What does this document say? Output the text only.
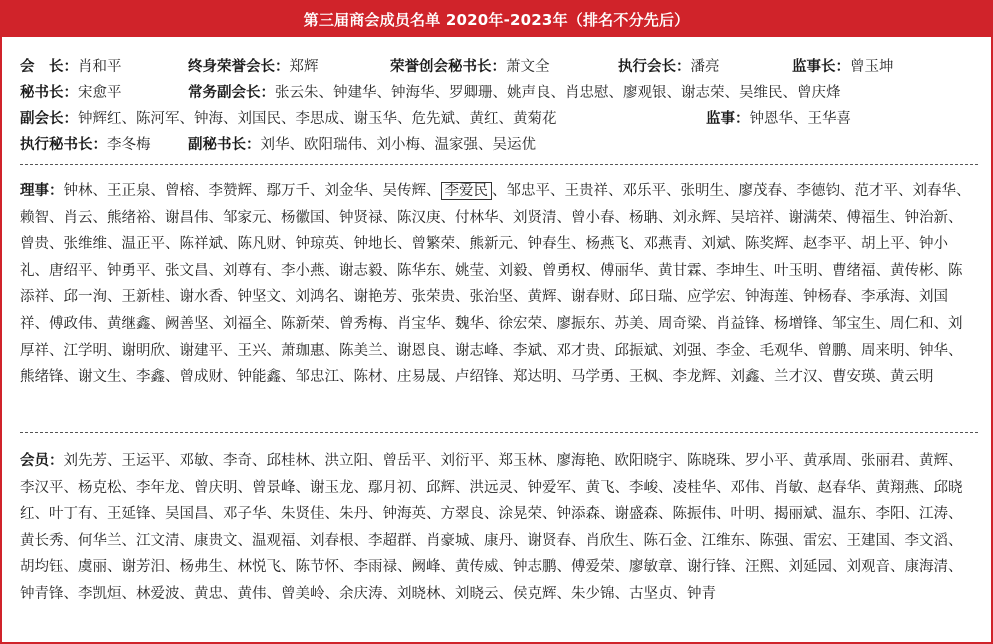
第三届商会成员名单 2020年-2023年（排名不分先后）
会　长：肖和平	终身荣誉会长：郑辉	荣誉创会秘书长：萧文全	执行会长：潘亮	监事长：曾玉坤
秘书长：宋愈平	常务副会长：张云朱、钟建华、钟海华、罗卿珊、姚声良、肖忠慰、廖观银、谢志荣、吴维民、曾庆烽
副会长：钟辉红、陈河军、钟海、刘国民、李思成、谢玉华、危先斌、黄红、黄菊花	监事：钟恩华、王华喜
执行秘书长：李冬梅	副秘书长：刘华、欧阳瑞伟、刘小梅、温家强、吴运优
理事：钟林、王正泉、曾榕、李赞辉、鄢万千、刘金华、吴传辉、 李爱民 、邹忠平、王贵祥、邓乐平、张明生、廖茂春、李德钧、范才平、刘春华、赖智、肖云、熊绪裕、谢昌伟、邹家元、杨徽国、钟贤禄、陈汉庚、付林华、刘贤清、曾小春、杨聃、刘永辉、吴培祥、谢满荣、傅福生、钟治新、曾贵、张维维、温正平、陈祥斌、陈凡财、钟琼英、钟地长、曾繁荣、熊新元、钟春生、杨燕飞、邓燕青、刘斌、陈奖辉、赵李平、胡上平、钟小礼、唐绍平、钟勇平、张文昌、刘尊有、李小燕、谢志毅、陈华东、姚莹、刘毅、曾勇权、傅丽华、黄甘霖、李坤生、叶玉明、曹绪福、黄传彬、陈添祥、邱一洵、王新桂、谢水香、钟坚文、刘鸿名、谢艳芳、张荣贵、张治坚、黄辉、谢春财、邱日瑞、应学宏、钟海莲、钟杨春、李承海、刘国祥、傅政伟、黄继鑫、阙善坚、刘福全、陈新荣、曾秀梅、肖宝华、魏华、徐宏荣、廖振东、苏美、周奇梁、肖益锋、杨增锋、邹宝生、周仁和、刘厚祥、江学明、谢明欣、谢建平、王兴、萧珈惠、陈美兰、谢恩良、谢志峰、李斌、邓才贵、邱振斌、刘强、李金、毛观华、曾鹏、周来明、钟华、熊绪锋、谢文生、李鑫、曾成财、钟能鑫、邹忠江、陈材、庄易晟、卢绍锋、郑达明、马学勇、王枫、李龙辉、刘鑫、兰才汉、曹安瑛、黄云明
会员：刘先芳、王运平、邓敏、李奇、邱桂林、洪立阳、曾岳平、刘衍平、郑玉林、廖海艳、欧阳晓宇、陈晓珠、罗小平、黄承周、张丽君、黄辉、李汉平、杨克松、李年龙、曾庆明、曾景峰、谢玉龙、鄢月初、邱辉、洪远灵、钟爱军、黄飞、李峻、凌桂华、邓伟、肖敏、赵春华、黄翔燕、邱晓红、叶丁有、王延锋、吴国昌、邓子华、朱贤佳、朱丹、钟海英、方翠良、涂晃荣、钟添森、谢盛森、陈振伟、叶明、揭丽斌、温东、李阳、江涛、黄长秀、何华兰、江文清、康贵文、温观福、刘春根、李超群、肖豪城、康丹、谢贤春、肖欣生、陈石金、江维东、陈强、雷宏、王建国、李文滔、胡均钰、虞丽、谢芳汨、杨弗生、林悦飞、陈节怀、李雨禄、阙峰、黄传威、钟志鹏、傅爱荣、廖敏章、谢行锋、汪熙、刘延园、刘观音、康海清、钟青锋、李凯烜、林爱波、黄忠、黄伟、曾美岭、余庆涛、刘晓林、刘晓云、侯克辉、朱少锦、古坚贞、钟青
